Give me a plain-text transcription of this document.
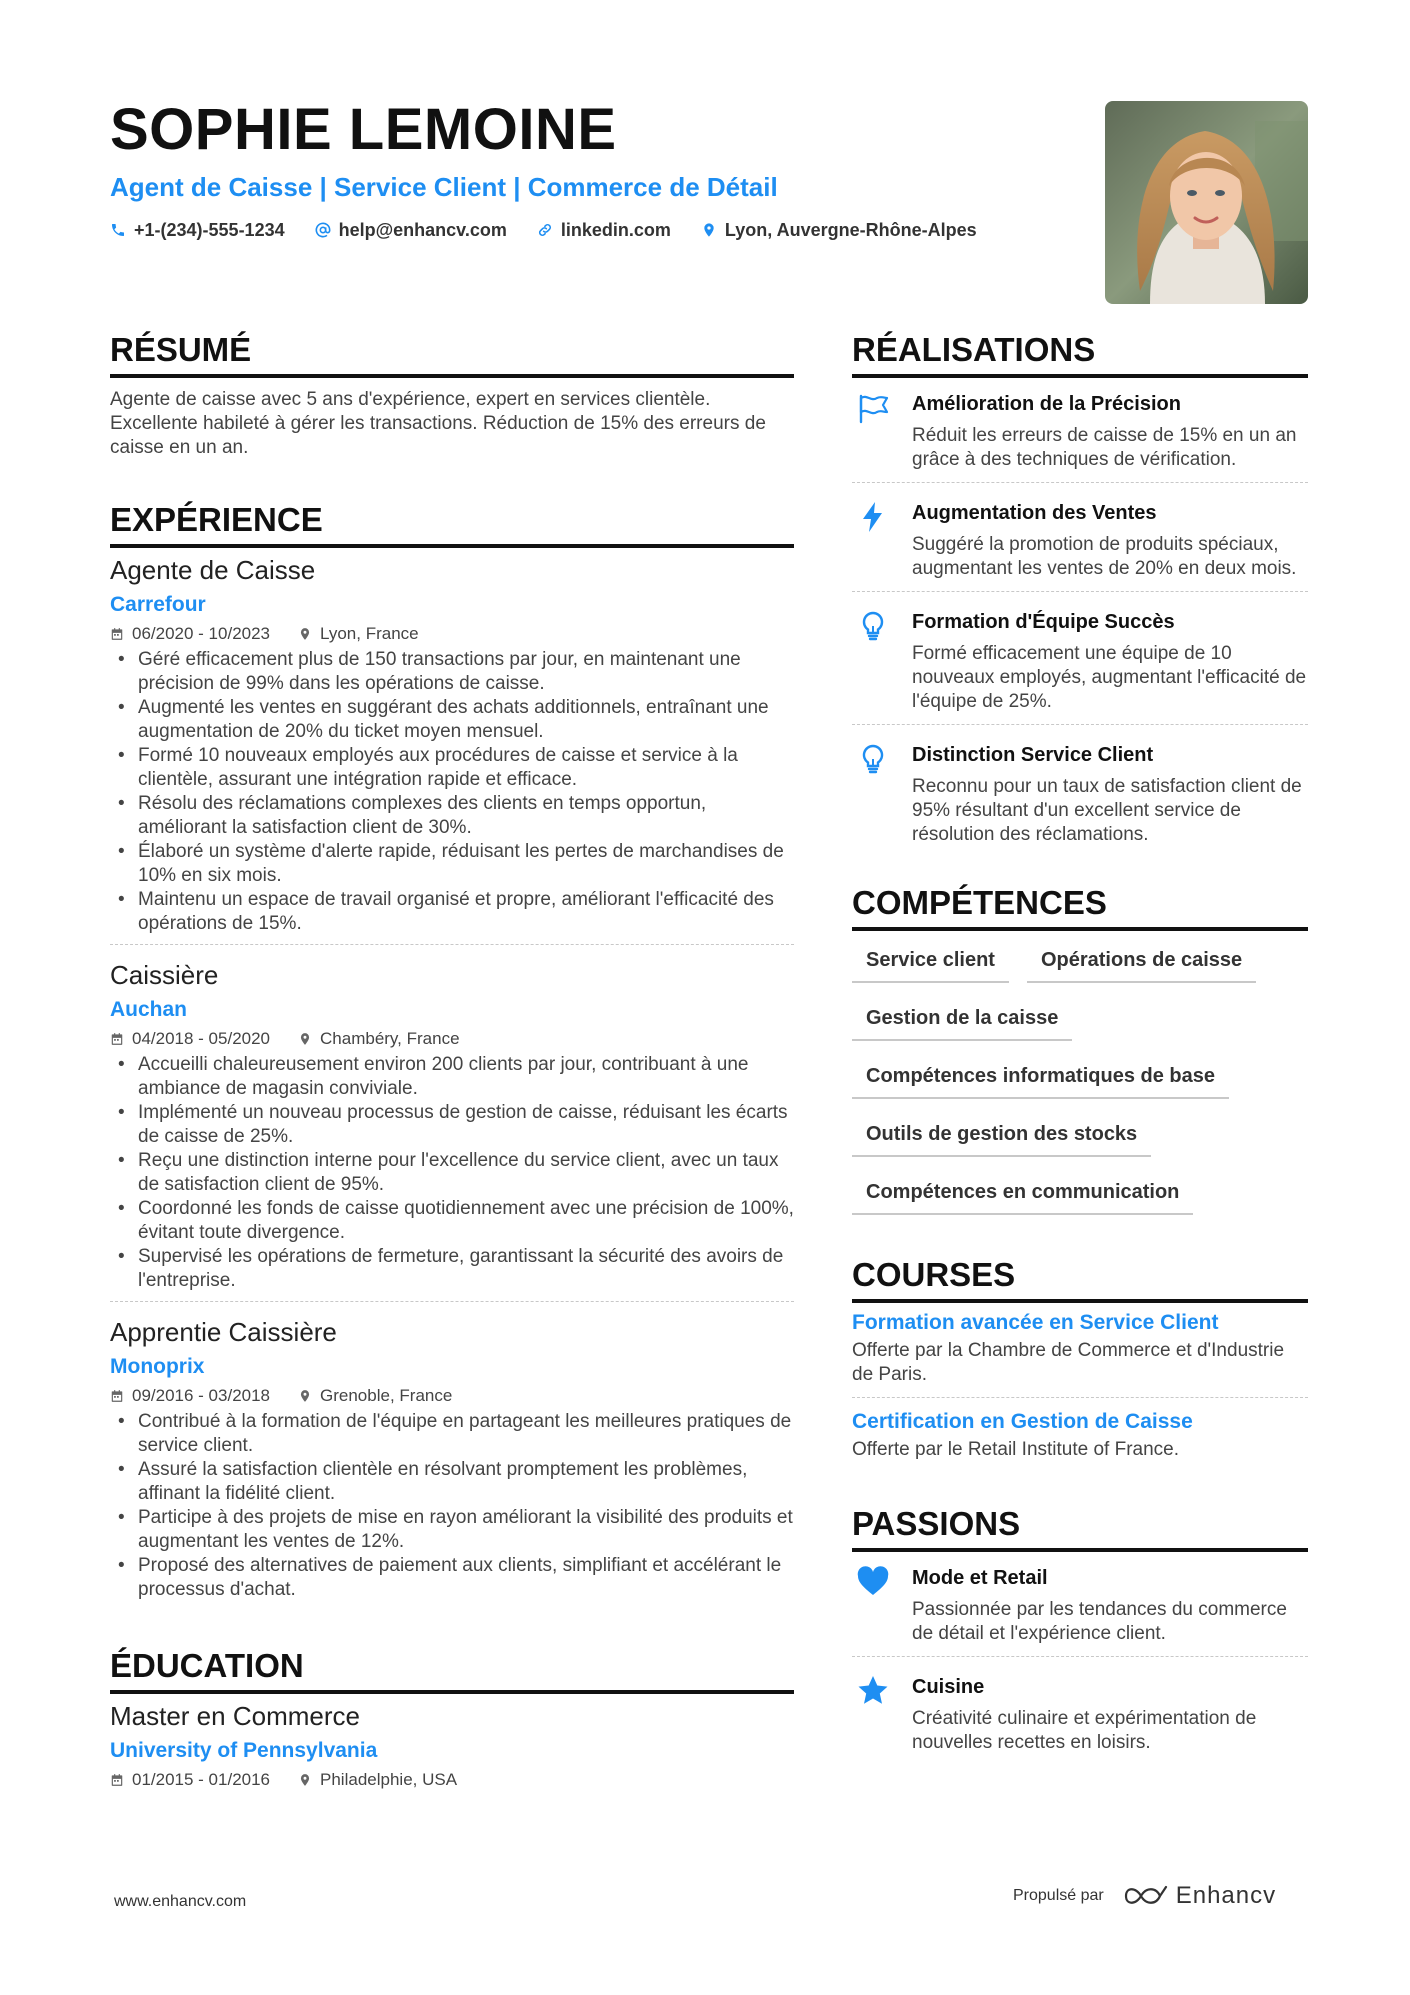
SOPHIE LEMOINE
Agent de Caisse | Service Client | Commerce de Détail
+1-(234)-555-1234	help@enhancv.com	linkedin.com	Lyon, Auvergne-Rhône-Alpes
RÉSUMÉ
Agente de caisse avec 5 ans d'expérience, expert en services clientèle. Excellente habileté à gérer les transactions. Réduction de 15% des erreurs de caisse en un an.
EXPÉRIENCE
Agente de Caisse
Carrefour
06/2020 - 10/2023	Lyon, France
• Géré efficacement plus de 150 transactions par jour, en maintenant une précision de 99% dans les opérations de caisse.
• Augmenté les ventes en suggérant des achats additionnels, entraînant une augmentation de 20% du ticket moyen mensuel.
• Formé 10 nouveaux employés aux procédures de caisse et service à la clientèle, assurant une intégration rapide et efficace.
• Résolu des réclamations complexes des clients en temps opportun, améliorant la satisfaction client de 30%.
• Élaboré un système d'alerte rapide, réduisant les pertes de marchandises de 10% en six mois.
• Maintenu un espace de travail organisé et propre, améliorant l'efficacité des opérations de 15%.
Caissière
Auchan
04/2018 - 05/2020	Chambéry, France
• Accueilli chaleureusement environ 200 clients par jour, contribuant à une ambiance de magasin conviviale.
• Implémenté un nouveau processus de gestion de caisse, réduisant les écarts de caisse de 25%.
• Reçu une distinction interne pour l'excellence du service client, avec un taux de satisfaction client de 95%.
• Coordonné les fonds de caisse quotidiennement avec une précision de 100%, évitant toute divergence.
• Supervisé les opérations de fermeture, garantissant la sécurité des avoirs de l'entreprise.
Apprentie Caissière
Monoprix
09/2016 - 03/2018	Grenoble, France
• Contribué à la formation de l'équipe en partageant les meilleures pratiques de service client.
• Assuré la satisfaction clientèle en résolvant promptement les problèmes, affinant la fidélité client.
• Participe à des projets de mise en rayon améliorant la visibilité des produits et augmentant les ventes de 12%.
• Proposé des alternatives de paiement aux clients, simplifiant et accélérant le processus d'achat.
ÉDUCATION
Master en Commerce
University of Pennsylvania
01/2015 - 01/2016	Philadelphie, USA
RÉALISATIONS
Amélioration de la Précision
Réduit les erreurs de caisse de 15% en un an grâce à des techniques de vérification.
Augmentation des Ventes
Suggéré la promotion de produits spéciaux, augmentant les ventes de 20% en deux mois.
Formation d'Équipe Succès
Formé efficacement une équipe de 10 nouveaux employés, augmentant l'efficacité de l'équipe de 25%.
Distinction Service Client
Reconnu pour un taux de satisfaction client de 95% résultant d'un excellent service de résolution des réclamations.
COMPÉTENCES
Service client	Opérations de caisse
Gestion de la caisse
Compétences informatiques de base
Outils de gestion des stocks
Compétences en communication
COURSES
Formation avancée en Service Client
Offerte par la Chambre de Commerce et d'Industrie de Paris.
Certification en Gestion de Caisse
Offerte par le Retail Institute of France.
PASSIONS
Mode et Retail
Passionnée par les tendances du commerce de détail et l'expérience client.
Cuisine
Créativité culinaire et expérimentation de nouvelles recettes en loisirs.
www.enhancv.com	Propulsé par	Enhancv
